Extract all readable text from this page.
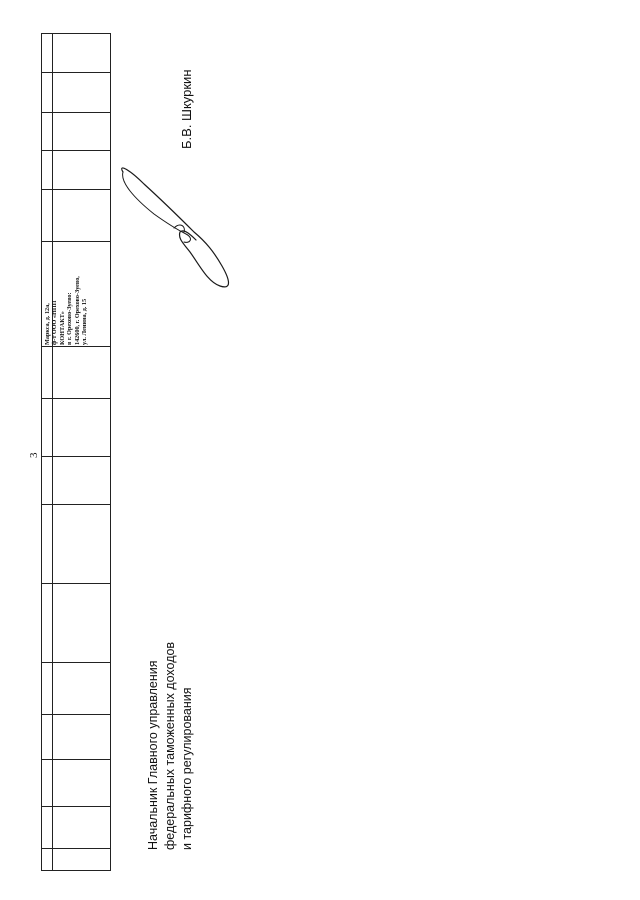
3
Марксa, д. 12а, ф-т ООО «НПП КОНТАКТ» в г. Орехово-Зуево: 142600, г. Орехово-Зуево, ул. Ленина, д. 15
Начальник Главного управления федеральных таможенных доходов и тарифного регулирования
Б.В. Шкуркин
